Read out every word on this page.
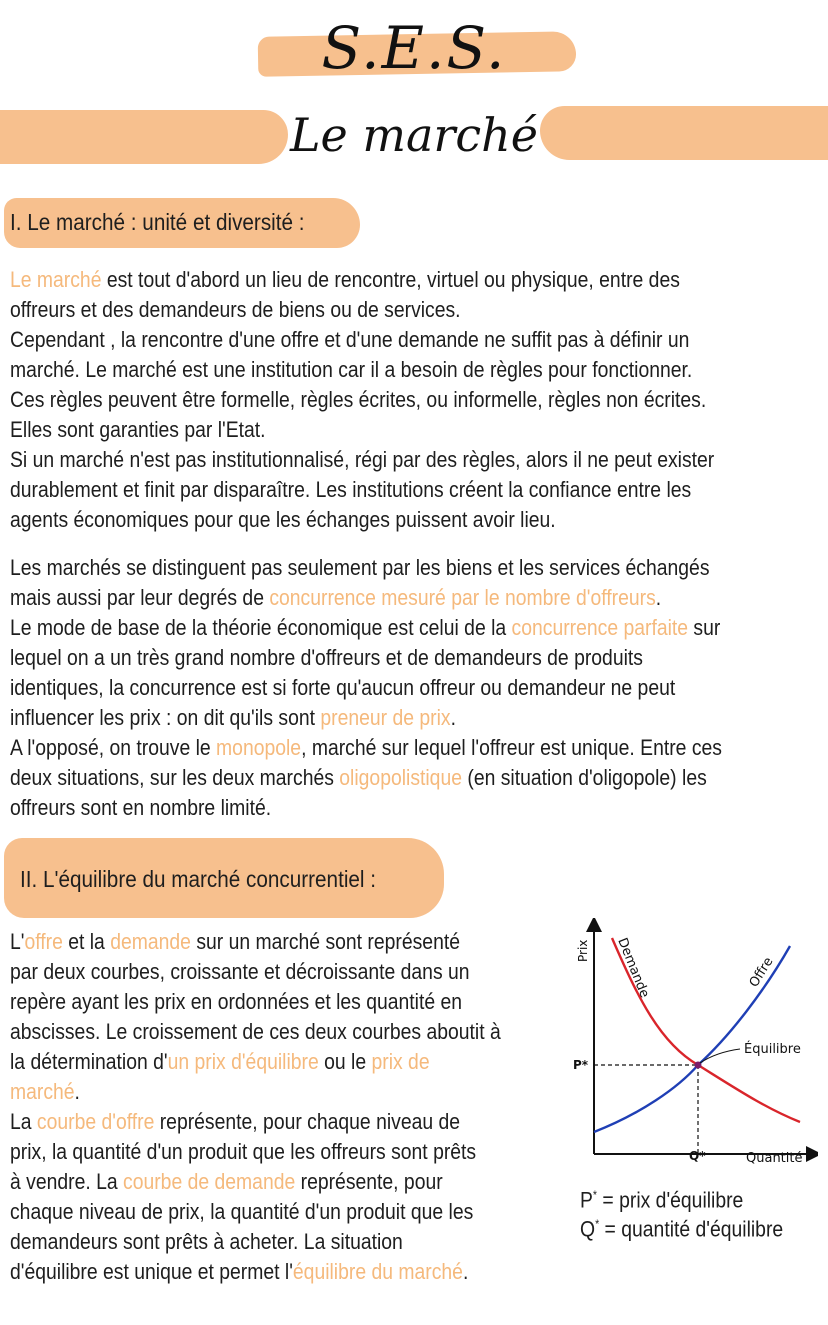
S.E.S.
Le marché
I. Le marché : unité et diversité :
Le marché est tout d'abord un lieu de rencontre, virtuel ou physique, entre des
offreurs et des demandeurs de biens ou de services.
Cependant , la rencontre d'une offre et d'une demande ne suffit pas à définir un
marché. Le marché est une institution car il a besoin de règles pour fonctionner.
Ces règles peuvent être formelle, règles écrites, ou informelle, règles non écrites.
Elles sont garanties par l'Etat.
Si un marché n'est pas institutionnalisé, régi par des règles, alors il ne peut exister
durablement et finit par disparaître. Les institutions créent la confiance entre les
agents économiques pour que les échanges puissent avoir lieu.
Les marchés se distinguent pas seulement par les biens et les services échangés
mais aussi par leur degrés de concurrence mesuré par le nombre d'offreurs.
Le mode de base de la théorie économique est celui de la concurrence parfaite sur
lequel on a un très grand nombre d'offreurs et de demandeurs de produits
identiques, la concurrence est si forte qu'aucun offreur ou demandeur ne peut
influencer les prix : on dit qu'ils sont preneur de prix.
A l'opposé, on trouve le monopole, marché sur lequel l'offreur est unique. Entre ces
deux situations, sur les deux marchés oligopolistique (en situation d'oligopole) les
offreurs sont en nombre limité.
II. L'équilibre du marché concurrentiel :
L'offre et la demande sur un marché sont représenté
par deux courbes, croissante et décroissante dans un
repère ayant les prix en ordonnées et les quantité en
abscisses. Le croissement de ces deux courbes aboutit à
la détermination d'un prix d'équilibre ou le prix de
marché.
La courbe d'offre représente, pour chaque niveau de
prix, la quantité d'un produit que les offreurs sont prêts
à vendre. La courbe de demande représente, pour
chaque niveau de prix, la quantité d'un produit que les
demandeurs sont prêts à acheter. La situation
d'équilibre est unique et permet l'équilibre du marché.
Prix
Quantité
Demande	Offre
Équilibre
P*
Q*
P* = prix d'équilibre
Q* = quantité d'équilibre
